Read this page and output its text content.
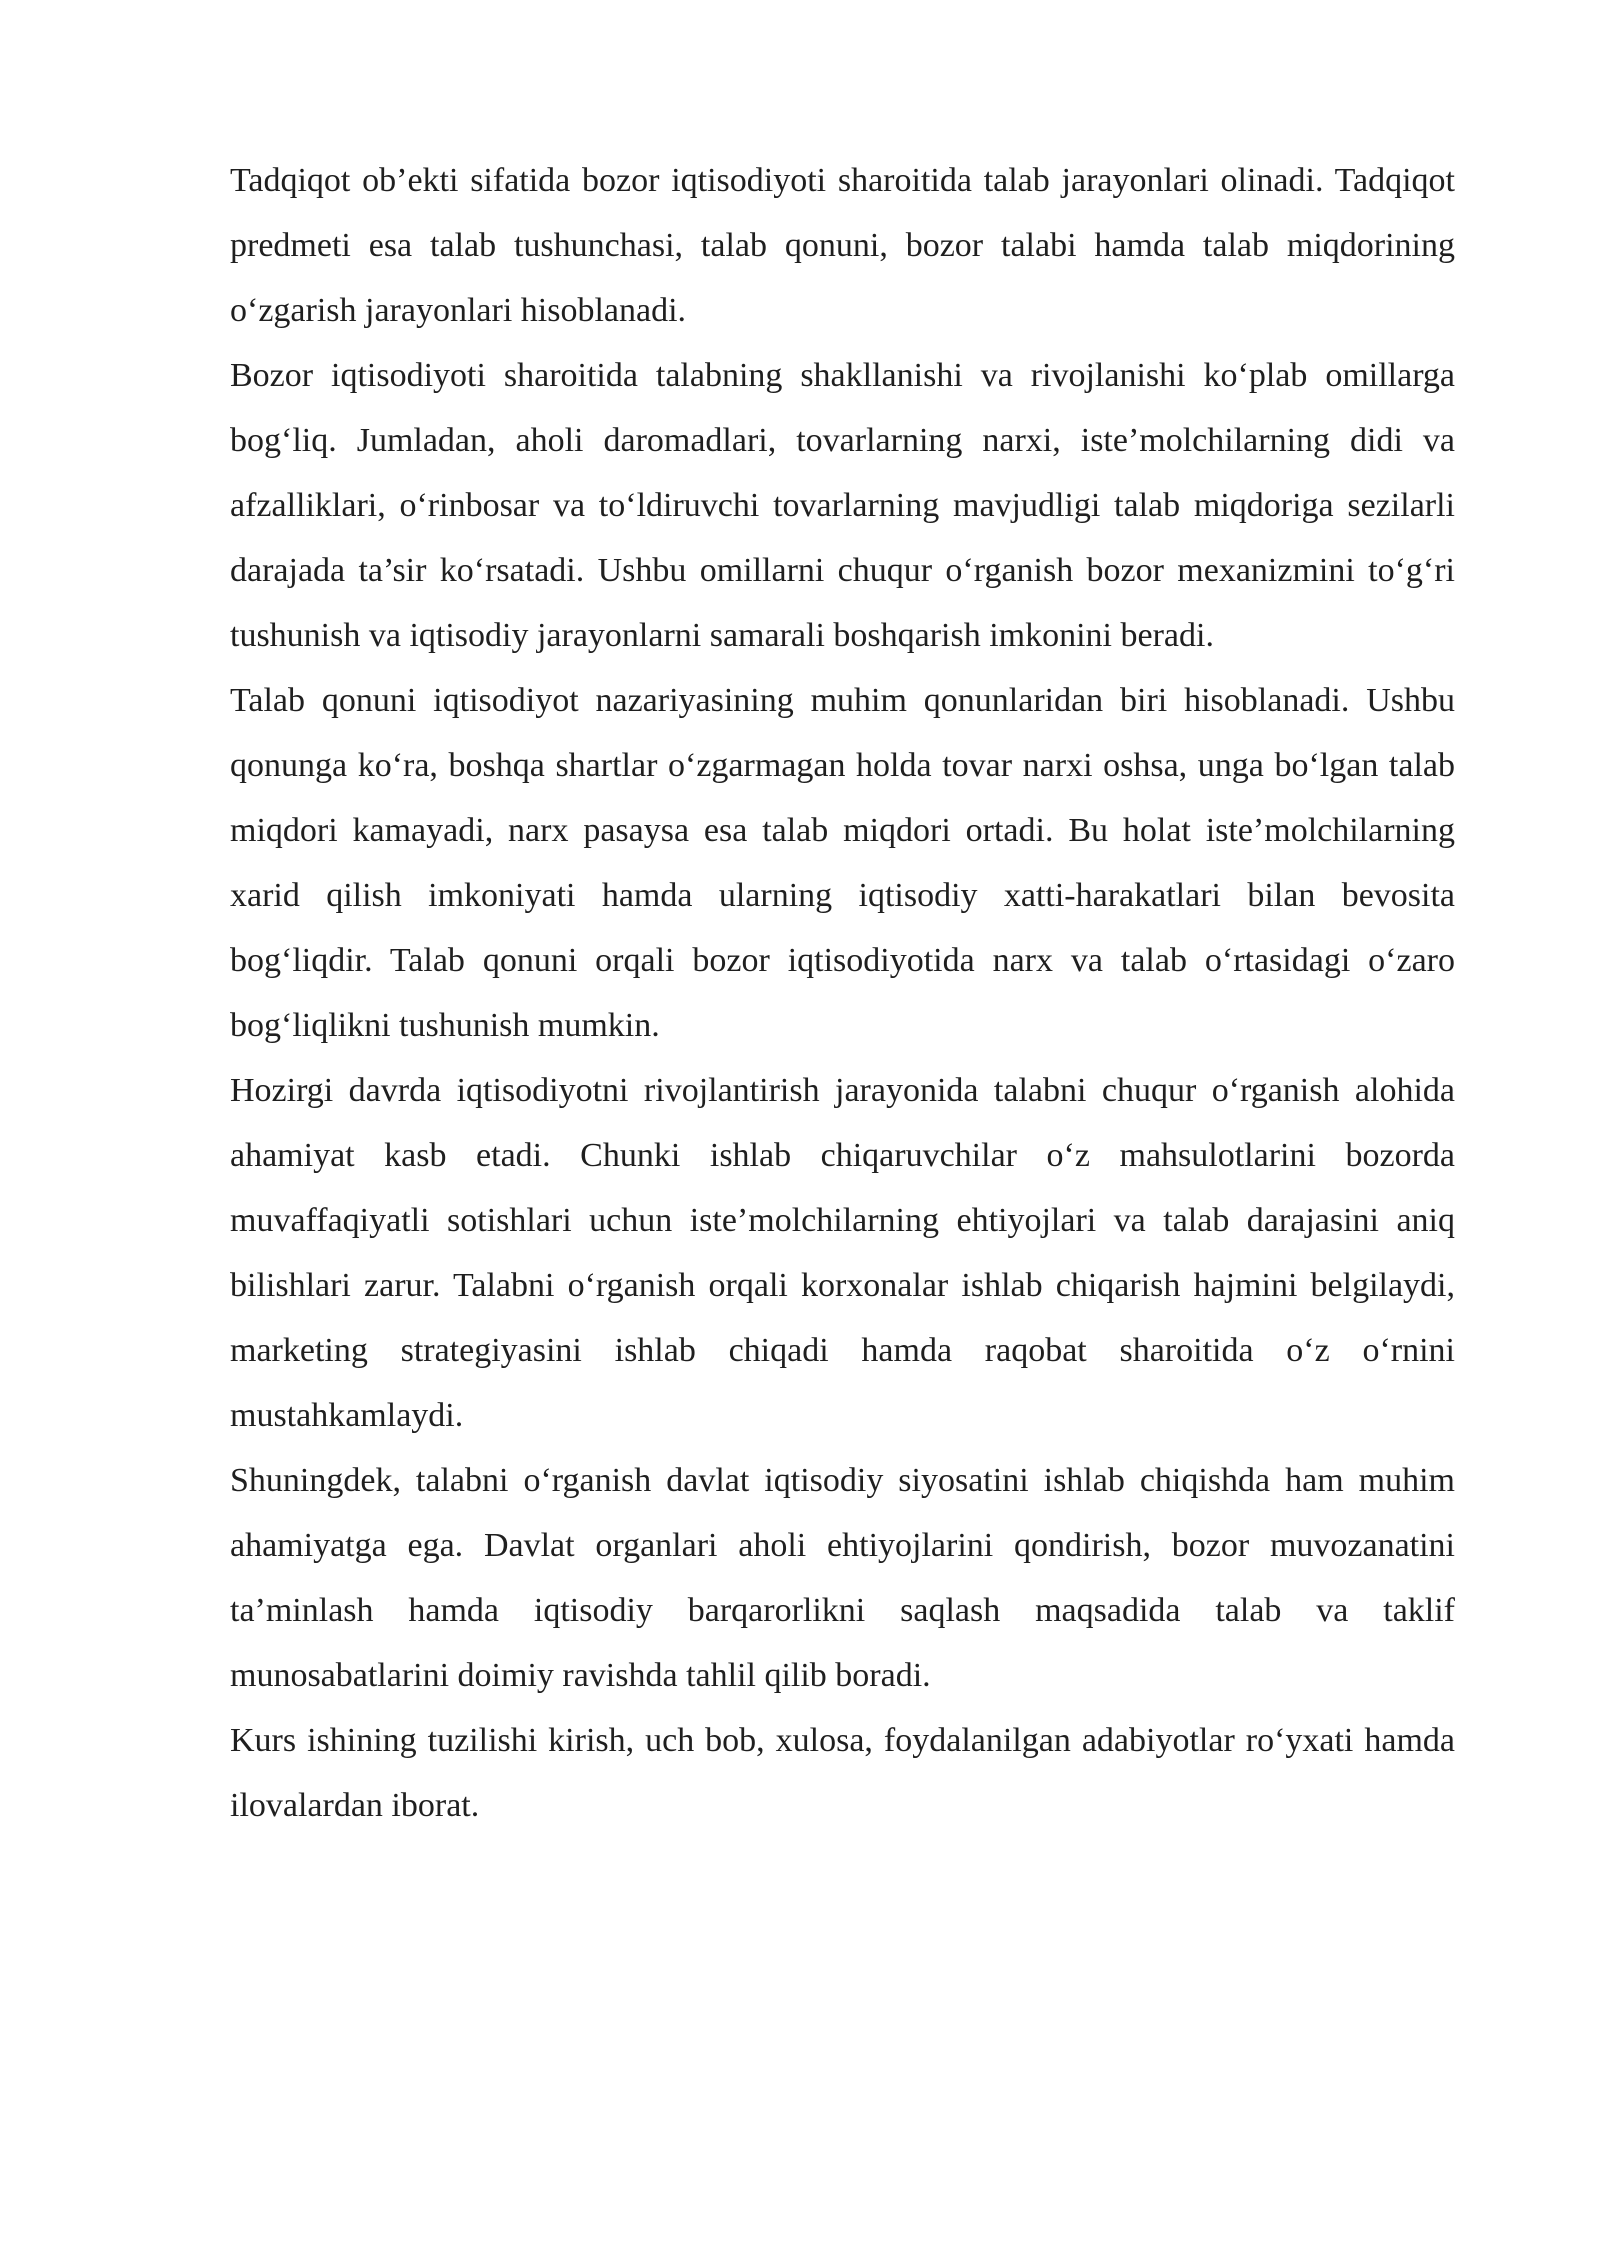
Tadqiqot ob’ekti sifatida bozor iqtisodiyoti sharoitida talab jarayonlari olinadi. Tadqiqot predmeti esa talab tushunchasi, talab qonuni, bozor talabi hamda talab miqdorining o‘zgarish jarayonlari hisoblanadi.

Bozor iqtisodiyoti sharoitida talabning shakllanishi va rivojlanishi ko‘plab omillarga bog‘liq. Jumladan, aholi daromadlari, tovarlarning narxi, iste’molchilarning didi va afzalliklari, o‘rinbosar va to‘ldiruvchi tovarlarning mavjudligi talab miqdoriga sezilarli darajada ta’sir ko‘rsatadi. Ushbu omillarni chuqur o‘rganish bozor mexanizmini to‘g‘ri tushunish va iqtisodiy jarayonlarni samarali boshqarish imkonini beradi.

Talab qonuni iqtisodiyot nazariyasining muhim qonunlaridan biri hisoblanadi. Ushbu qonunga ko‘ra, boshqa shartlar o‘zgarmagan holda tovar narxi oshsa, unga bo‘lgan talab miqdori kamayadi, narx pasaysa esa talab miqdori ortadi. Bu holat iste’molchilarning xarid qilish imkoniyati hamda ularning iqtisodiy xatti-harakatlari bilan bevosita bog‘liqdir. Talab qonuni orqali bozor iqtisodiyotida narx va talab o‘rtasidagi o‘zaro bog‘liqlikni tushunish mumkin.

Hozirgi davrda iqtisodiyotni rivojlantirish jarayonida talabni chuqur o‘rganish alohida ahamiyat kasb etadi. Chunki ishlab chiqaruvchilar o‘z mahsulotlarini bozorda muvaffaqiyatli sotishlari uchun iste’molchilarning ehtiyojlari va talab darajasini aniq bilishlari zarur. Talabni o‘rganish orqali korxonalar ishlab chiqarish hajmini belgilaydi, marketing strategiyasini ishlab chiqadi hamda raqobat sharoitida o‘z o‘rnini mustahkamlaydi.

Shuningdek, talabni o‘rganish davlat iqtisodiy siyosatini ishlab chiqishda ham muhim ahamiyatga ega. Davlat organlari aholi ehtiyojlarini qondirish, bozor muvozanatini ta’minlash hamda iqtisodiy barqarorlikni saqlash maqsadida talab va taklif munosabatlarini doimiy ravishda tahlil qilib boradi.

Kurs ishining tuzilishi kirish, uch bob, xulosa, foydalanilgan adabiyotlar ro‘yxati hamda ilovalardan iborat.
